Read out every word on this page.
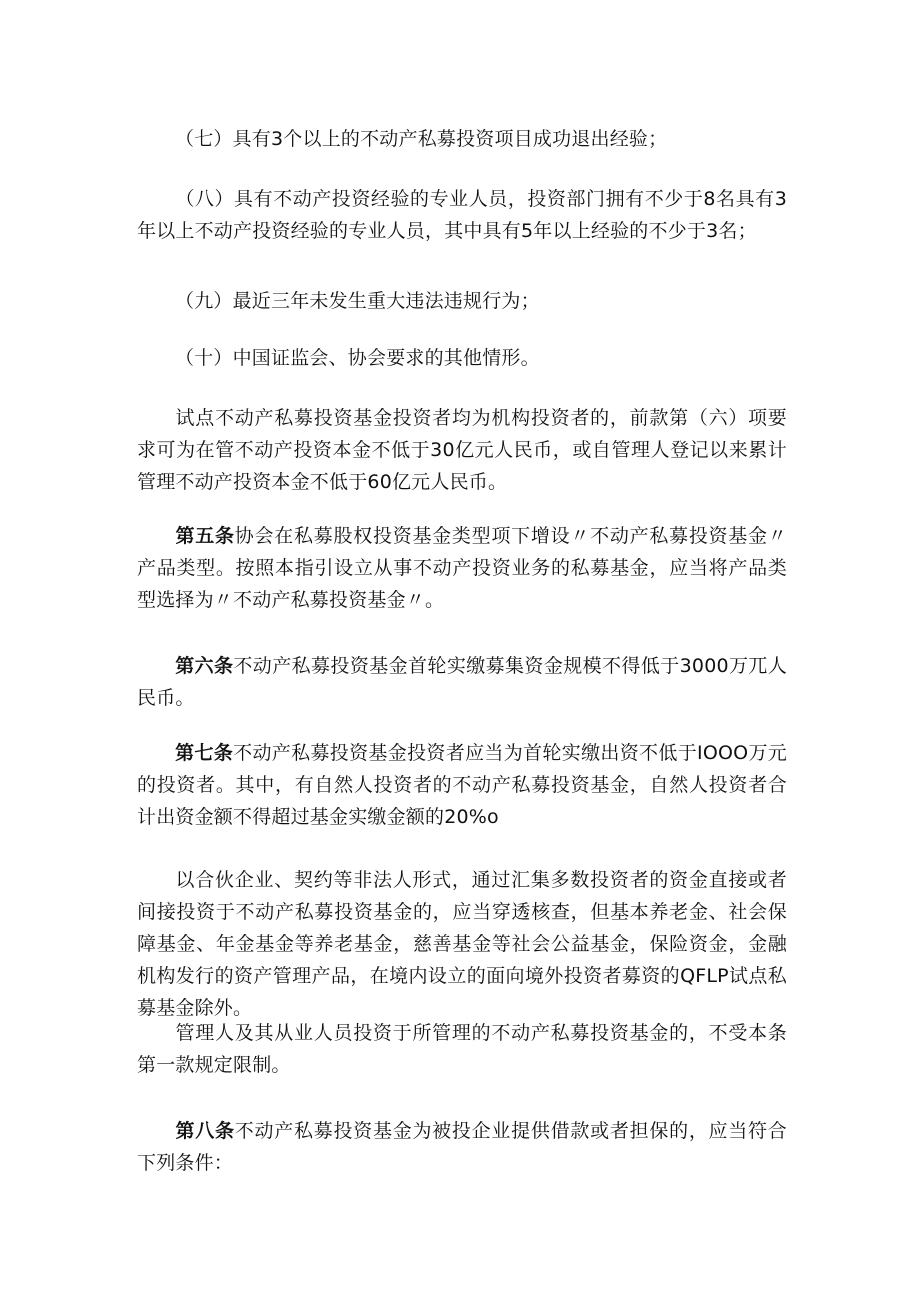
（七）具有3个以上的不动产私募投资项目成功退出经验；

（八）具有不动产投资经验的专业人员，投资部门拥有不少于8名具有3年以上不动产投资经验的专业人员，其中具有5年以上经验的不少于3名；

（九）最近三年未发生重大违法违规行为；

（十）中国证监会、协会要求的其他情形。

试点不动产私募投资基金投资者均为机构投资者的，前款第（六）项要求可为在管不动产投资本金不低于30亿元人民币，或自管理人登记以来累计管理不动产投资本金不低于60亿元人民币。

第五条协会在私募股权投资基金类型项下增设〃不动产私募投资基金〃产品类型。按照本指引设立从事不动产投资业务的私募基金，应当将产品类型选择为〃不动产私募投资基金〃。

第六条不动产私募投资基金首轮实缴募集资金规模不得低于3000万兀人民币。

第七条不动产私募投资基金投资者应当为首轮实缴出资不低于IOOO万元的投资者。其中，有自然人投资者的不动产私募投资基金，自然人投资者合计出资金额不得超过基金实缴金额的20%o

以合伙企业、契约等非法人形式，通过汇集多数投资者的资金直接或者间接投资于不动产私募投资基金的，应当穿透核查，但基本养老金、社会保障基金、年金基金等养老基金，慈善基金等社会公益基金，保险资金，金融机构发行的资产管理产品，在境内设立的面向境外投资者募资的QFLP试点私募基金除外。

管理人及其从业人员投资于所管理的不动产私募投资基金的，不受本条第一款规定限制。

第八条不动产私募投资基金为被投企业提供借款或者担保的，应当符合下列条件：
